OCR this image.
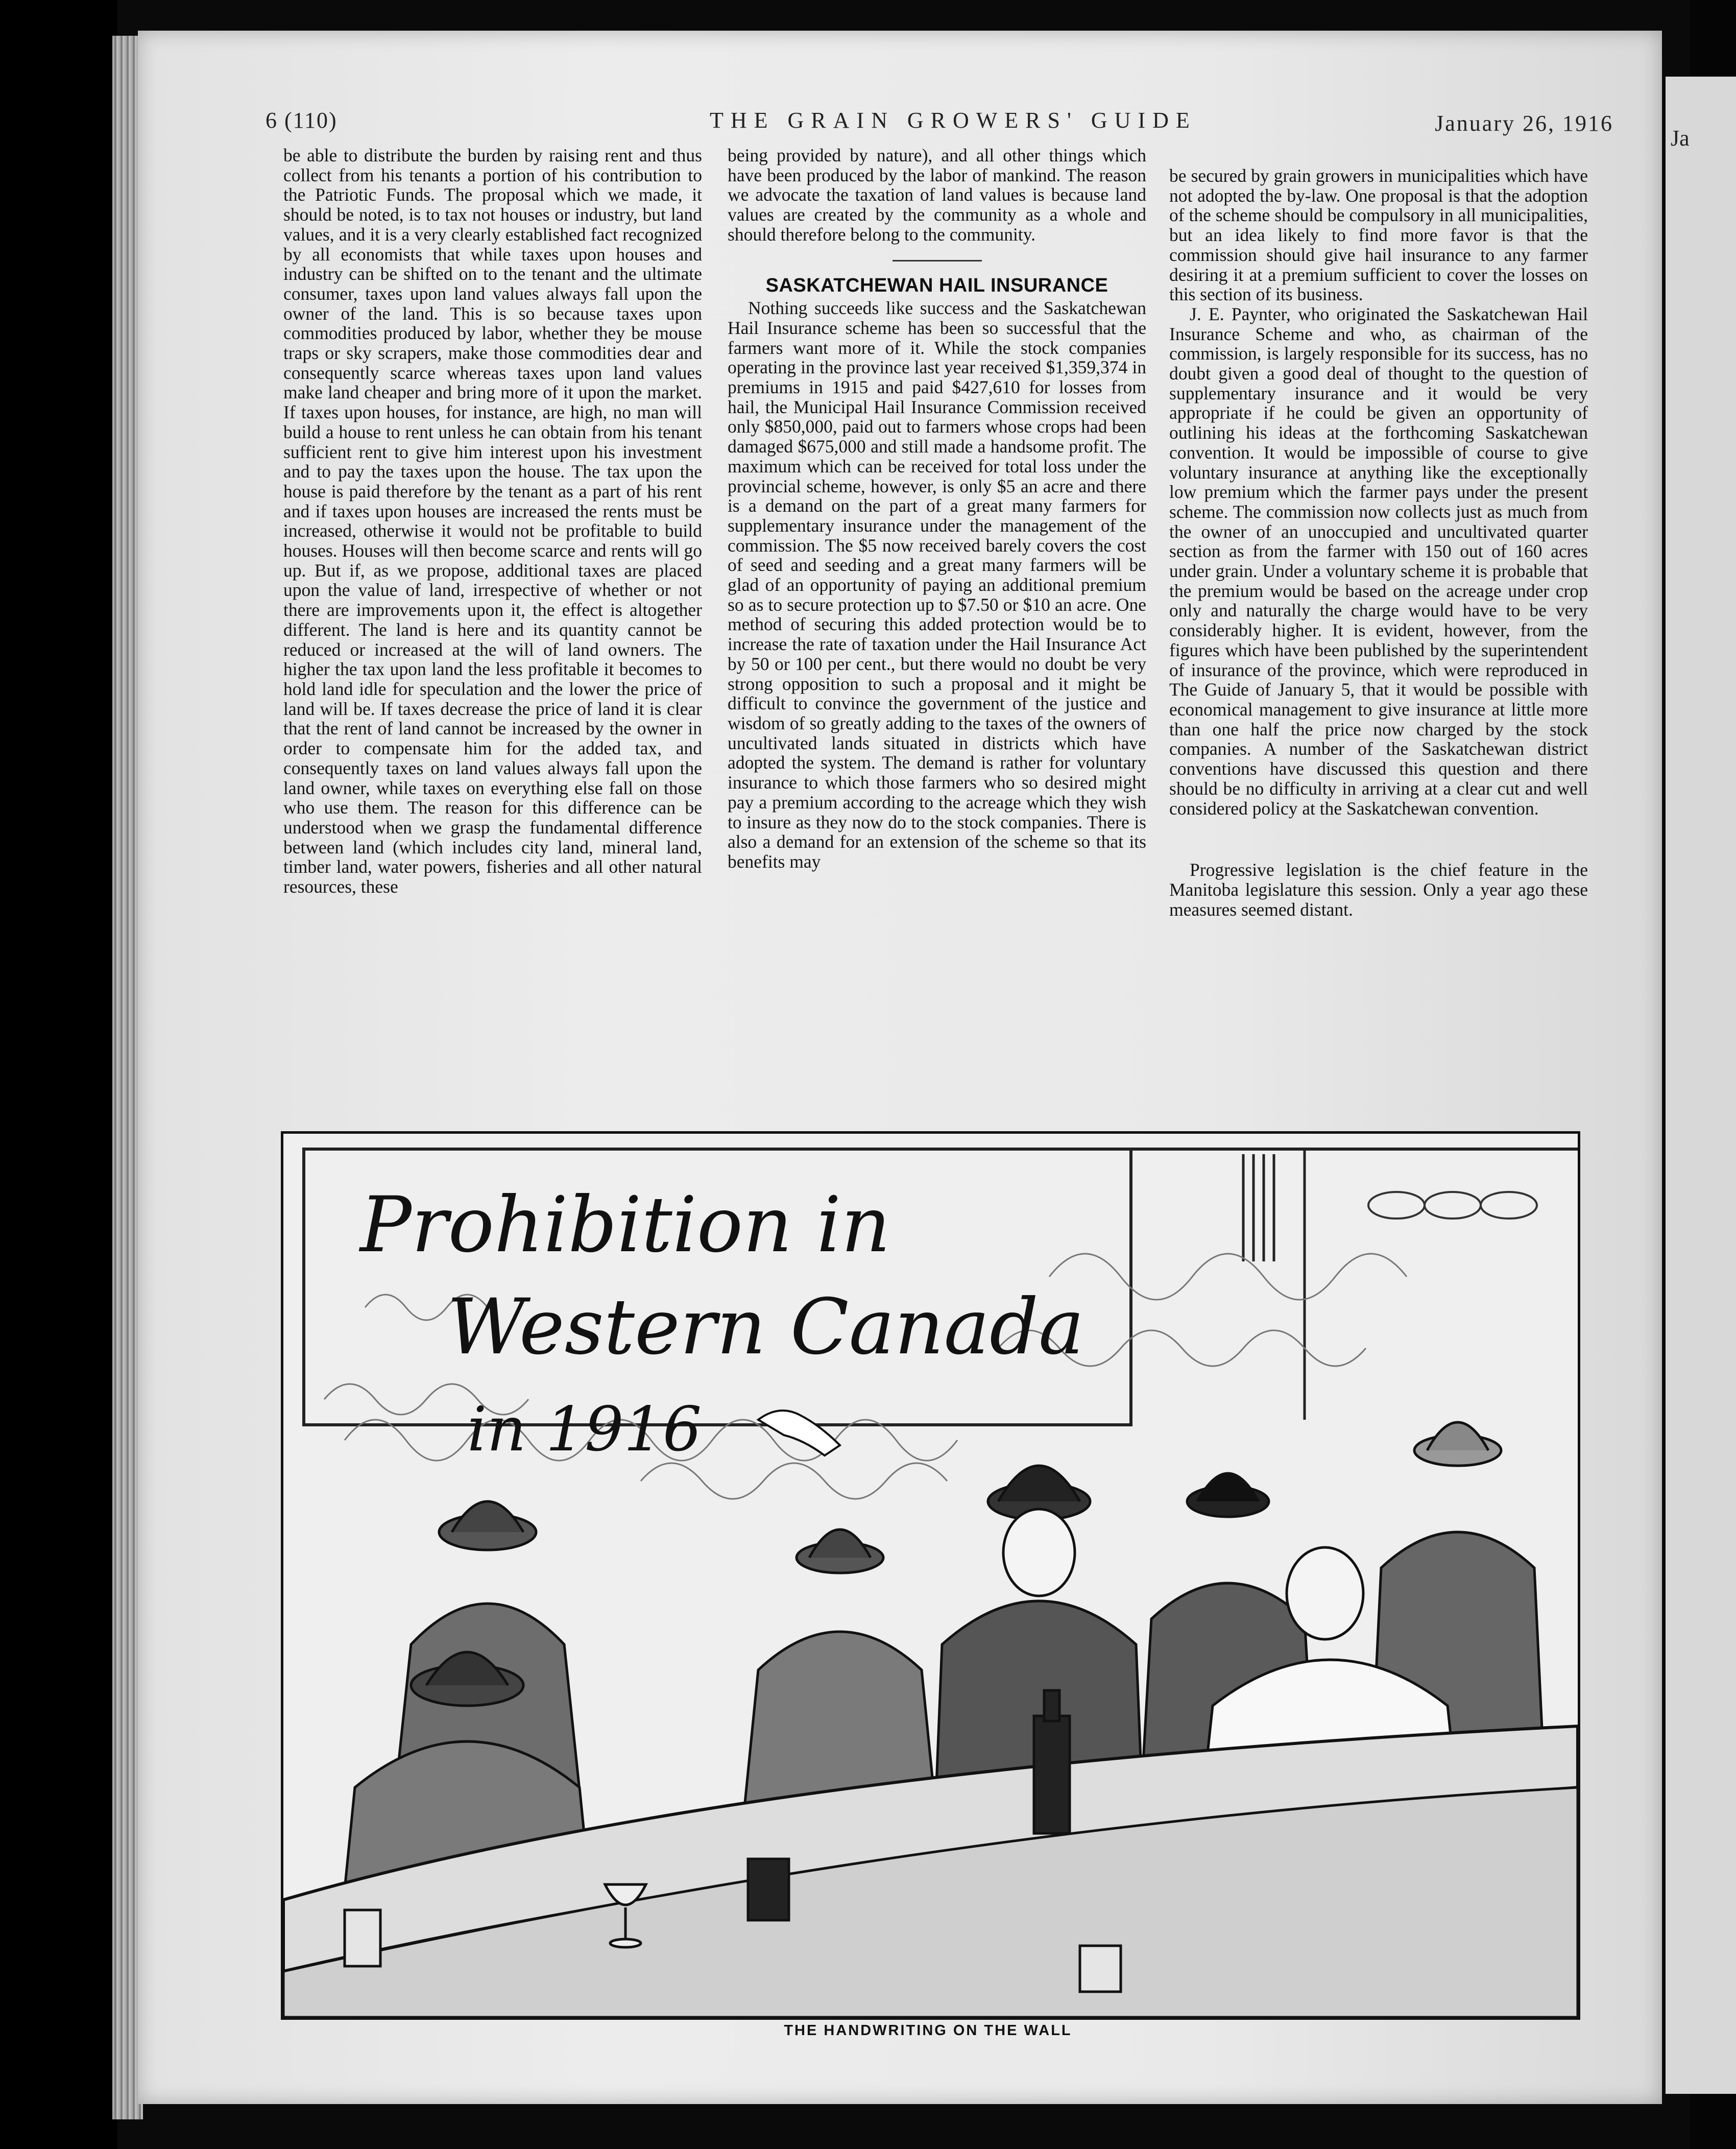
Ja
6 (110)	THE GRAIN GROWERS' GUIDE	January 26, 1916

be able to distribute the burden by raising rent and thus collect from his tenants a portion of his contribution to the Patriotic Funds. The proposal which we made, it should be noted, is to tax not houses or industry, but land values, and it is a very clearly established fact recognized by all economists that while taxes upon houses and industry can be shifted on to the tenant and the ultimate consumer, taxes upon land values always fall upon the owner of the land. This is so because taxes upon commodities produced by labor, whether they be mouse traps or sky scrapers, make those commodities dear and consequently scarce whereas taxes upon land values make land cheaper and bring more of it upon the market. If taxes upon houses, for instance, are high, no man will build a house to rent unless he can obtain from his tenant sufficient rent to give him interest upon his investment and to pay the taxes upon the house. The tax upon the house is paid therefore by the tenant as a part of his rent and if taxes upon houses are increased the rents must be increased, otherwise it would not be profitable to build houses. Houses will then become scarce and rents will go up. But if, as we propose, additional taxes are placed upon the value of land, irrespective of whether or not there are improvements upon it, the effect is altogether different. The land is here and its quantity cannot be reduced or increased at the will of land owners. The higher the tax upon land the less profitable it becomes to hold land idle for speculation and the lower the price of land will be. If taxes decrease the price of land it is clear that the rent of land cannot be increased by the owner in order to compensate him for the added tax, and consequently taxes on land values always fall upon the land owner, while taxes on everything else fall on those who use them. The reason for this difference can be understood when we grasp the fundamental difference between land (which includes city land, mineral land, timber land, water powers, fisheries and all other natural resources, these

being provided by nature), and all other things which have been produced by the labor of mankind. The reason we advocate the taxation of land values is because land values are created by the community as a whole and should therefore belong to the community.

SASKATCHEWAN HAIL INSURANCE

Nothing succeeds like success and the Saskatchewan Hail Insurance scheme has been so successful that the farmers want more of it. While the stock companies operating in the province last year received $1,359,374 in premiums in 1915 and paid $427,610 for losses from hail, the Municipal Hail Insurance Commission received only $850,000, paid out to farmers whose crops had been damaged $675,000 and still made a handsome profit. The maximum which can be received for total loss under the provincial scheme, however, is only $5 an acre and there is a demand on the part of a great many farmers for supplementary insurance under the management of the commission. The $5 now received barely covers the cost of seed and seeding and a great many farmers will be glad of an opportunity of paying an additional premium so as to secure protection up to $7.50 or $10 an acre. One method of securing this added protection would be to increase the rate of taxation under the Hail Insurance Act by 50 or 100 per cent., but there would no doubt be very strong opposition to such a proposal and it might be difficult to convince the government of the justice and wisdom of so greatly adding to the taxes of the owners of uncultivated lands situated in districts which have adopted the system. The demand is rather for voluntary insurance to which those farmers who so desired might pay a premium according to the acreage which they wish to insure as they now do to the stock companies. There is also a demand for an extension of the scheme so that its benefits may

be secured by grain growers in municipalities which have not adopted the by-law. One proposal is that the adoption of the scheme should be compulsory in all municipalities, but an idea likely to find more favor is that the commission should give hail insurance to any farmer desiring it at a premium sufficient to cover the losses on this section of its business.

J. E. Paynter, who originated the Saskatchewan Hail Insurance Scheme and who, as chairman of the commission, is largely responsible for its success, has no doubt given a good deal of thought to the question of supplementary insurance and it would be very appropriate if he could be given an opportunity of outlining his ideas at the forthcoming Saskatchewan convention. It would be impossible of course to give voluntary insurance at anything like the exceptionally low premium which the farmer pays under the present scheme. The commission now collects just as much from the owner of an unoccupied and uncultivated quarter section as from the farmer with 150 out of 160 acres under grain. Under a voluntary scheme it is probable that the premium would be based on the acreage under crop only and naturally the charge would have to be very considerably higher. It is evident, however, from the figures which have been published by the superintendent of insurance of the province, which were reproduced in The Guide of January 5, that it would be possible with economical management to give insurance at little more than one half the price now charged by the stock companies. A number of the Saskatchewan district conventions have discussed this question and there should be no difficulty in arriving at a clear cut and well considered policy at the Saskatchewan convention.

Progressive legislation is the chief feature in the Manitoba legislature this session. Only a year ago these measures seemed distant.

Prohibition in
Western Canada
in 1916
THE HANDWRITING ON THE WALL
